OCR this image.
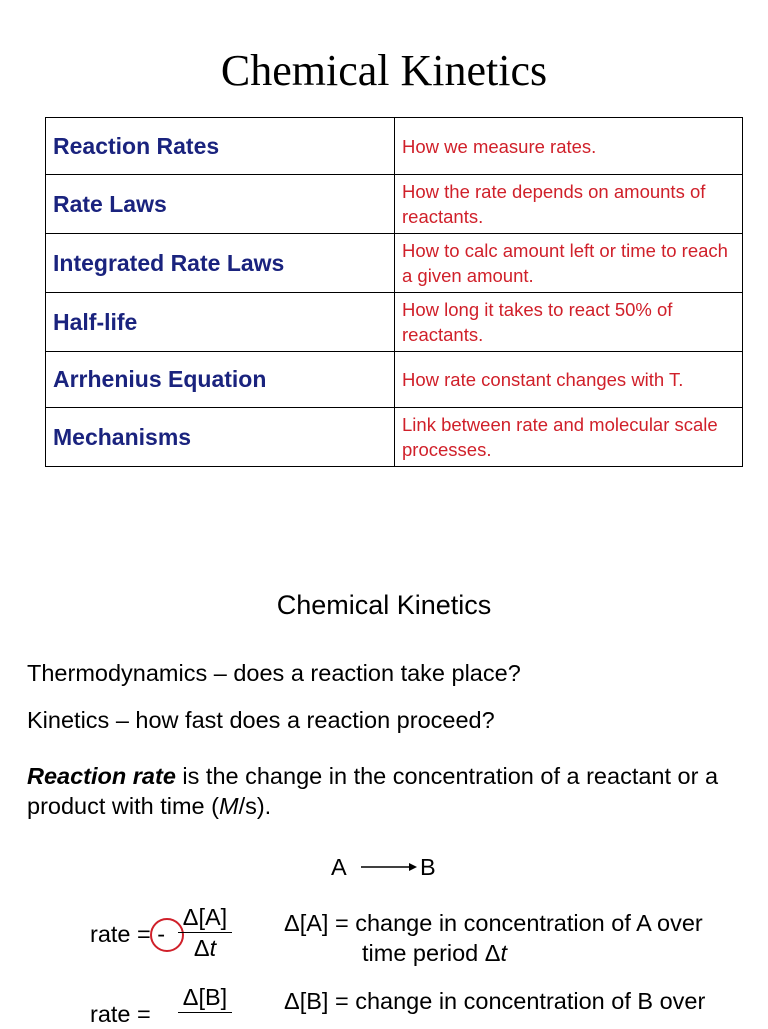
Chemical Kinetics
Reaction Rates	How we measure rates.
Rate Laws	How the rate depends on amounts of reactants.
Integrated Rate Laws	How to calc amount left or time to reach a given amount.
Half-life	How long it takes to react 50% of reactants.
Arrhenius Equation	How rate constant changes with T.
Mechanisms	Link between rate and molecular scale processes.
Chemical Kinetics
Thermodynamics – does a reaction take place?
Kinetics – how fast does a reaction proceed?
Reaction rate is the change in the concentration of a reactant or a product with time (M/s).
A → B
rate = -
Δ[A]
Δt
Δ[A] = change in concentration of A over
time period Δt
rate =
Δ[B] Δ[B] = change in concentration of B over
